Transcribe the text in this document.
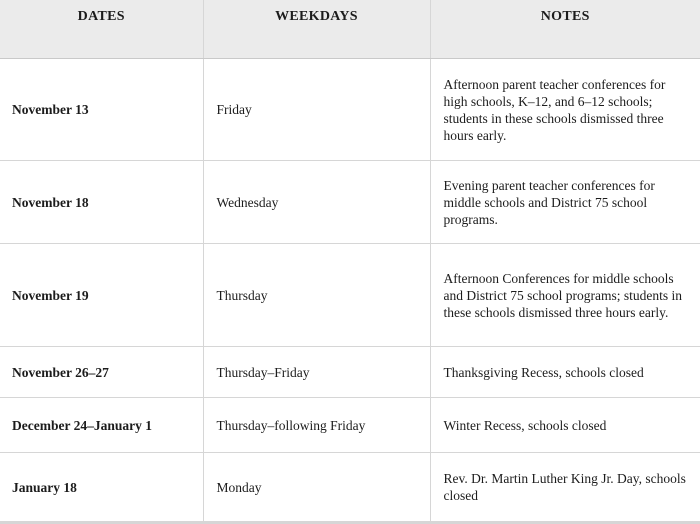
DATES	WEEKDAYS	NOTES
November 13	Friday	Afternoon parent teacher conferences for high schools, K–12, and 6–12 schools; students in these schools dismissed three hours early.
November 18	Wednesday	Evening parent teacher conferences for middle schools and District 75 school programs.
November 19	Thursday	Afternoon Conferences for middle schools and District 75 school programs; students in these schools dismissed three hours early.
November 26–27	Thursday–Friday	Thanksgiving Recess, schools closed
December 24–January 1	Thursday–following Friday	Winter Recess, schools closed
January 18	Monday	Rev. Dr. Martin Luther King Jr. Day, schools closed
